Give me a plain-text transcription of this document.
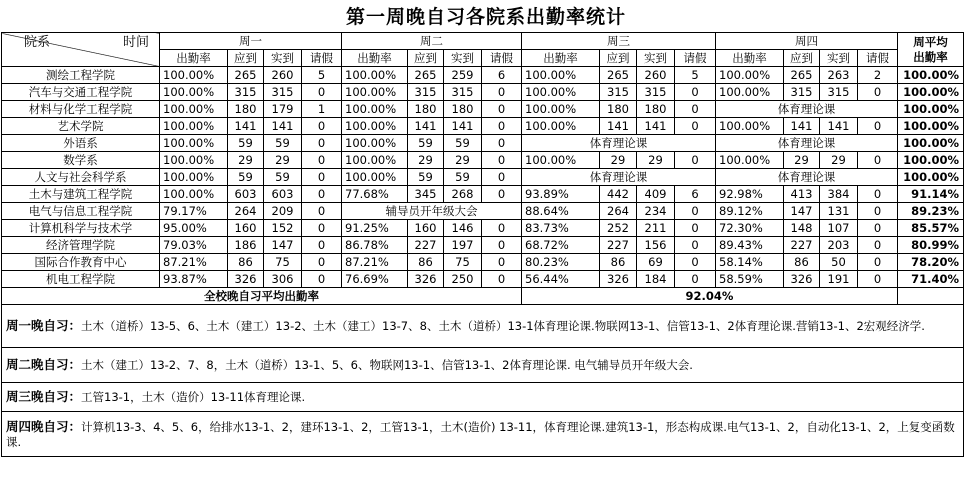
第一周晚自习各院系出勤率统计
院系 时间	周一				周二				周三				周四				周平均
出勤率
	出勤率	应到	实到	请假	出勤率	应到	实到	请假	出勤率	应到	实到	请假	出勤率	应到	实到	请假	
测绘工程学院	100.00%	265	260	5	100.00%	265	259	6	100.00%	265	260	5	100.00%	265	263	2	100.00%
汽车与交通工程学院	100.00%	315	315	0	100.00%	315	315	0	100.00%	315	315	0	100.00%	315	315	0	100.00%
材料与化学工程学院	100.00%	180	179	1	100.00%	180	180	0	100.00%	180	180	0	体育理论课				100.00%
艺术学院	100.00%	141	141	0	100.00%	141	141	0	100.00%	141	141	0	100.00%	141	141	0	100.00%
外语系	100.00%	59	59	0	100.00%	59	59	0	体育理论课				体育理论课				100.00%
数学系	100.00%	29	29	0	100.00%	29	29	0	100.00%	29	29	0	100.00%	29	29	0	100.00%
人文与社会科学系	100.00%	59	59	0	100.00%	59	59	0	体育理论课				体育理论课				100.00%
土木与建筑工程学院	100.00%	603	603	0	77.68%	345	268	0	93.89%	442	409	6	92.98%	413	384	0	91.14%
电气与信息工程学院	79.17%	264	209	0	辅导员开年级大会				88.64%	264	234	0	89.12%	147	131	0	89.23%
计算机科学与技术学	95.00%	160	152	0	91.25%	160	146	0	83.73%	252	211	0	72.30%	148	107	0	85.57%
经济管理学院	79.03%	186	147	0	86.78%	227	197	0	68.72%	227	156	0	89.43%	227	203	0	80.99%
国际合作教育中心	87.21%	86	75	0	87.21%	86	75	0	80.23%	86	69	0	58.14%	86	50	0	78.20%
机电工程学院	93.87%	326	306	0	76.69%	326	250	0	56.44%	326	184	0	58.59%	326	191	0	71.40%
全校晚自习平均出勤率									92.04%								
周一晚自习：土木（道桥）13-5、6、土木（建工）13-2、土木（建工）13-7、8、土木（道桥）13-1体育理论课.物联网13-1、信管13-1、2体育理论课.营销13-1、2宏观经济学.																	
周二晚自习：土木（建工）13-2、7、8，土木（道桥）13-1、5、6、物联网13-1、信管13-1、2体育理论课. 电气辅导员开年级大会.																	
周三晚自习：工管13-1，土木（造价）13-11体育理论课.																	
周四晚自习：计算机13-3、4、5、6，给排水13-1、2，建环13-1、2，工管13-1，土木(造价) 13-11，体育理论课.建筑13-1，形态构成课.电气13-1、2，自动化13-1、2，上复变函数课.																	
